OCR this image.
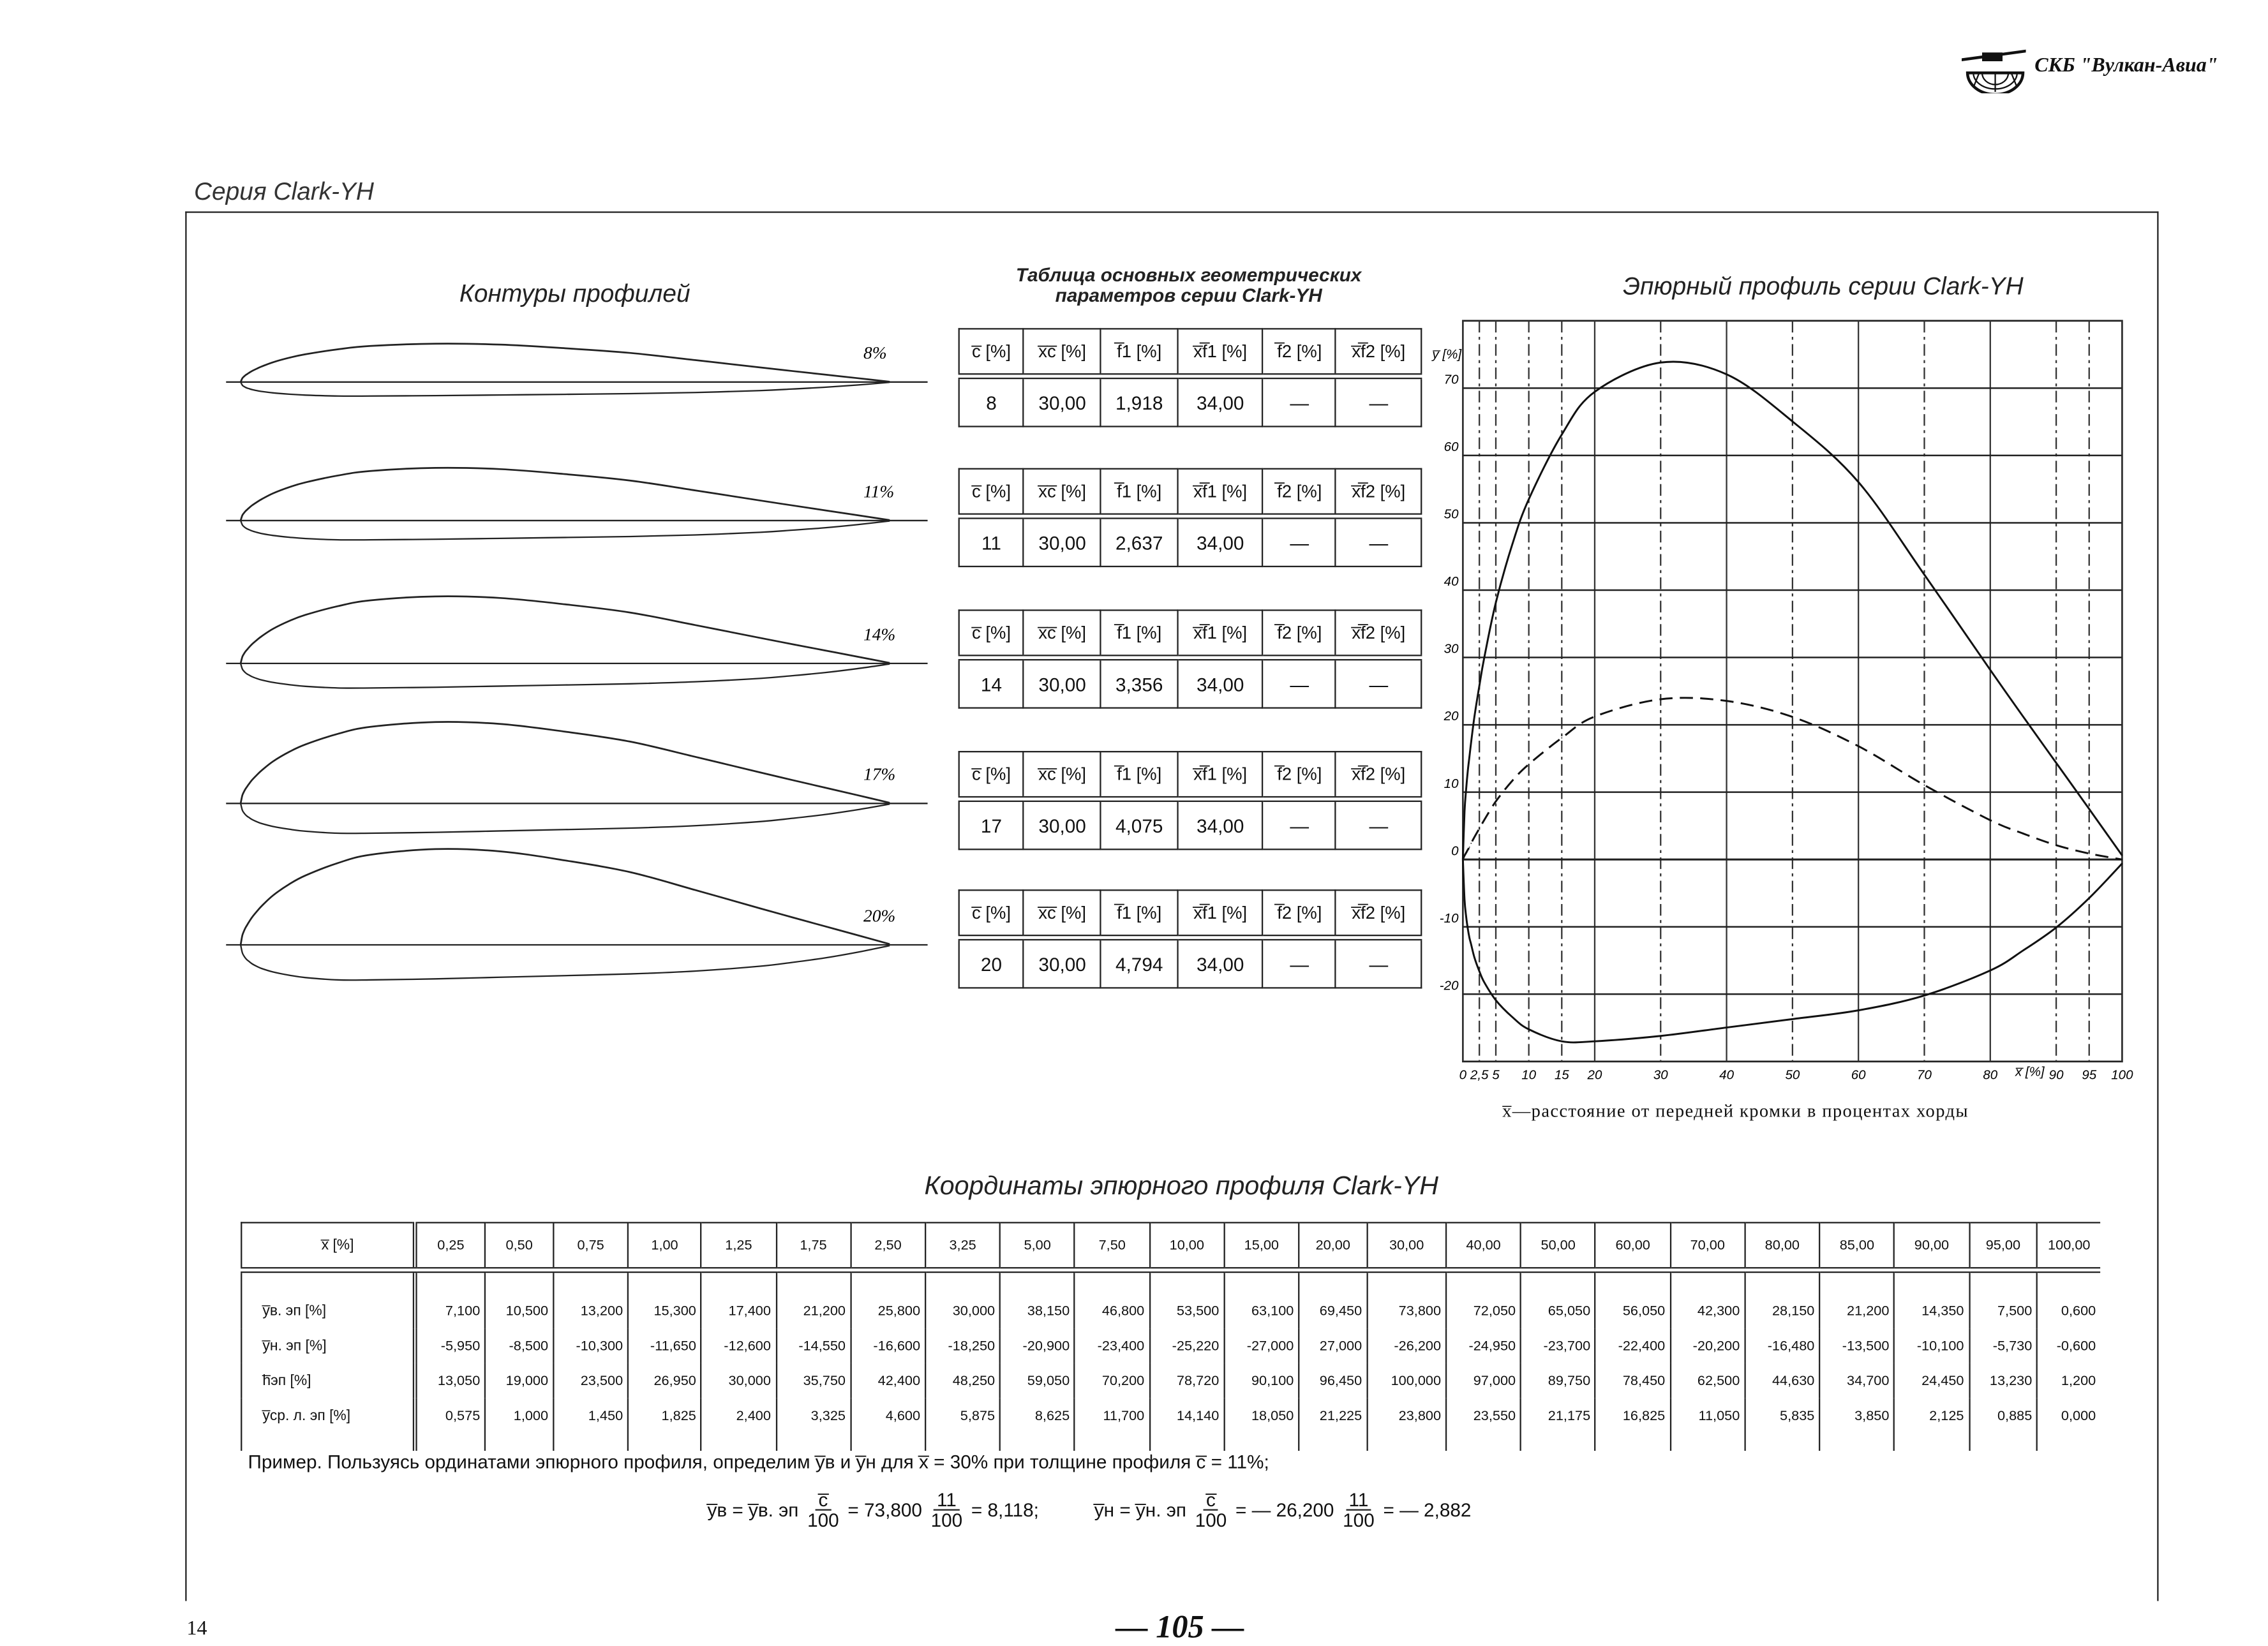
СКБ "Вулкан-Авиа"
Серия Clark-YH
Контуры профилей
Таблица основных геометрических
параметров серии Clark-YH	Эпюрный профиль серии Clark-YH
x̅—расстояние от передней кромки в процентах хорды
c̅ [%]	x̅c̅ [%]	f̅1 [%]	x̅f̅1 [%]	f̅2 [%]	x̅f̅2 [%]
8	30,00	1,918	34,00	—	—
c̅ [%]	x̅c̅ [%]	f̅1 [%]	x̅f̅1 [%]	f̅2 [%]	x̅f̅2 [%]
11	30,00	2,637	34,00	—	—
c̅ [%]	x̅c̅ [%]	f̅1 [%]	x̅f̅1 [%]	f̅2 [%]	x̅f̅2 [%]
14	30,00	3,356	34,00	—	—
c̅ [%]	x̅c̅ [%]	f̅1 [%]	x̅f̅1 [%]	f̅2 [%]	x̅f̅2 [%]
17	30,00	4,075	34,00	—	—
c̅ [%]	x̅c̅ [%]	f̅1 [%]	x̅f̅1 [%]	f̅2 [%]	x̅f̅2 [%]
20	30,00	4,794	34,00	—	—
8%
11%
14%
17%
20%
0 2,5 5	10	15	20	30	40	50	60	70	80	90	95	100
x̅ [%]
70
60
50
40
30
20
10
0
-10
-20
y̅ [%]
Координаты эпюрного профиля Clark-YH
x̅ [%]	0,25	0,50	0,75	1,00	1,25	1,75	2,50	3,25	5,00	7,50	10,00	15,00	20,00	30,00	40,00	50,00	60,00	70,00	80,00	85,00	90,00	95,00	100,00
y̅в. эп [%]	7,100	10,500	13,200	15,300	17,400	21,200	25,800	30,000	38,150	46,800	53,500	63,100	69,450	73,800	72,050	65,050	56,050	42,300	28,150	21,200	14,350	7,500	0,600
y̅н. эп [%]	-5,950	-8,500	-10,300	-11,650	-12,600	-14,550	-16,600	-18,250	-20,900	-23,400	-25,220	-27,000	27,000	-26,200	-24,950	-23,700	-22,400	-20,200	-16,480	-13,500	-10,100	-5,730	-0,600
h̅эп [%]	13,050	19,000	23,500	26,950	30,000	35,750	42,400	48,250	59,050	70,200	78,720	90,100	96,450	100,000	97,000	89,750	78,450	62,500	44,630	34,700	24,450	13,230	1,200
y̅ср. л. эп [%]	0,575	1,000	1,450	1,825	2,400	3,325	4,600	5,875	8,625	11,700	14,140	18,050	21,225	23,800	23,550	21,175	16,825	11,050	5,835	3,850	2,125	0,885	0,000
Пример. Пользуясь ординатами эпюрного профиля, определим y̅в и y̅н для x̅ = 30% при толщине профиля c̅ = 11%;
y̅в = y̅в. эп $\frac{c̅}{100} = 73,800 \frac{11}{100} = 8,118$;	y̅н = y̅н. эп $\frac{c̅}{100}$ = — $26,200 \frac{11}{100}$ = — 2,882
14	— 105 —
